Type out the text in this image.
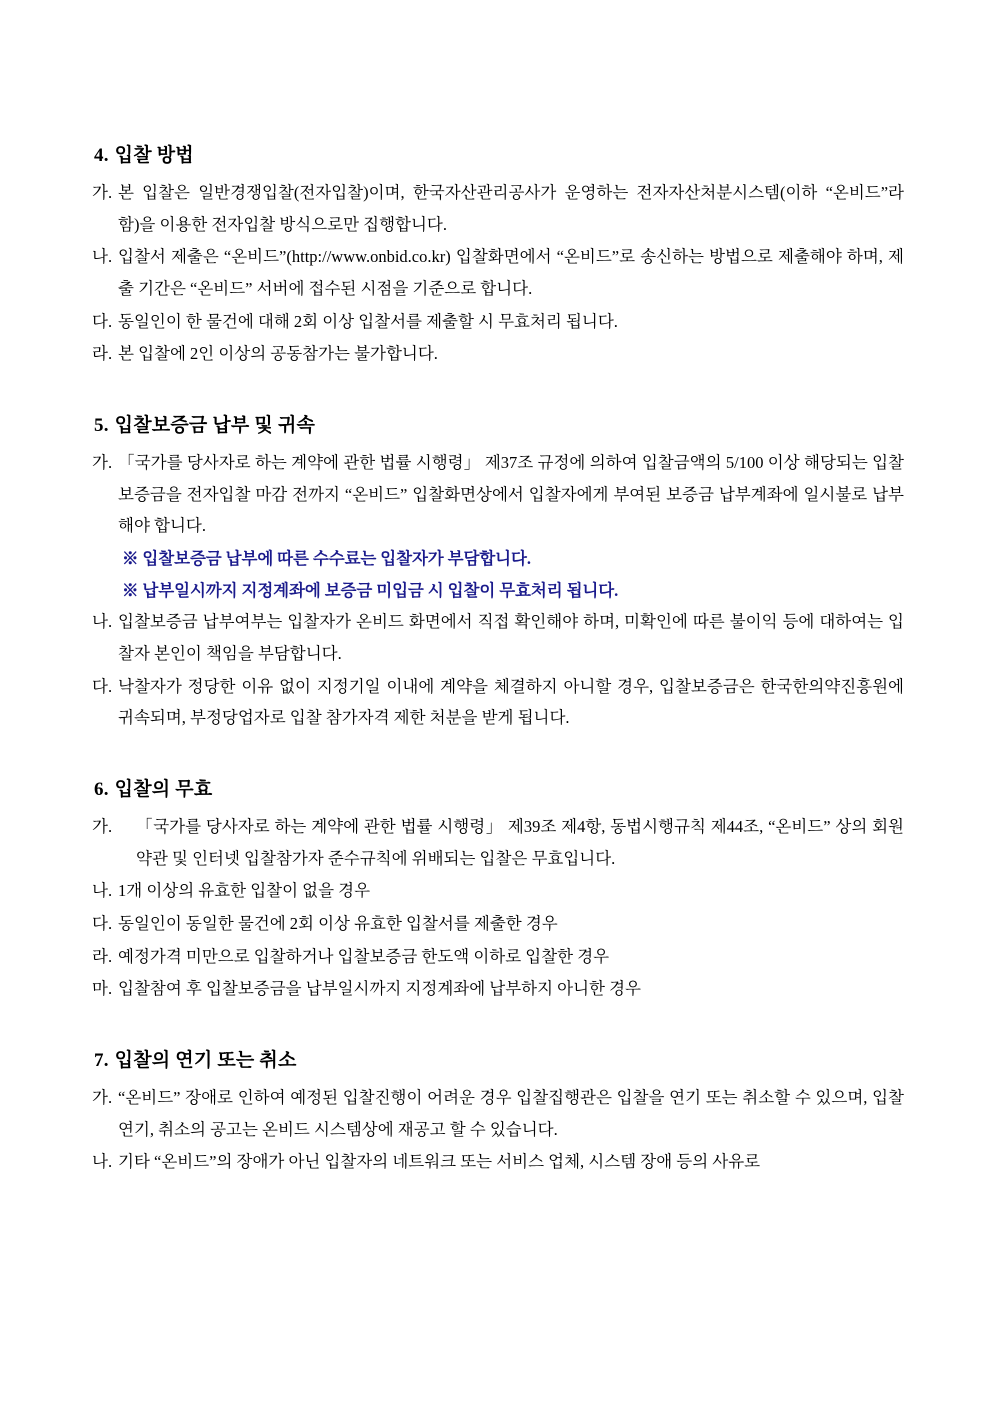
4. 입찰 방법
가. 본 입찰은 일반경쟁입찰(전자입찰)이며, 한국자산관리공사가 운영하는 전자자산처분시스템(이하 “온비드”라 함)을 이용한 전자입찰 방식으로만 집행합니다.
나. 입찰서 제출은 “온비드”(http://www.onbid.co.kr) 입찰화면에서 “온비드”로 송신하는 방법으로 제출해야 하며, 제출 기간은 “온비드” 서버에 접수된 시점을 기준으로 합니다.
다. 동일인이 한 물건에 대해 2회 이상 입찰서를 제출할 시 무효처리 됩니다.
라. 본 입찰에 2인 이상의 공동참가는 불가합니다.
5. 입찰보증금 납부 및 귀속
가. 「국가를 당사자로 하는 계약에 관한 법률 시행령」 제37조 규정에 의하여 입찰금액의 5/100 이상 해당되는 입찰보증금을 전자입찰 마감 전까지 “온비드” 입찰화면상에서 입찰자에게 부여된 보증금 납부계좌에 일시불로 납부해야 합니다.
※ 입찰보증금 납부에 따른 수수료는 입찰자가 부담합니다.
※ 납부일시까지 지정계좌에 보증금 미입금 시 입찰이 무효처리 됩니다.
나. 입찰보증금 납부여부는 입찰자가 온비드 화면에서 직접 확인해야 하며, 미확인에 따른 불이익 등에 대하여는 입찰자 본인이 책임을 부담합니다.
다. 낙찰자가 정당한 이유 없이 지정기일 이내에 계약을 체결하지 아니할 경우, 입찰보증금은 한국한의약진흥원에 귀속되며, 부정당업자로 입찰 참가자격 제한 처분을 받게 됩니다.
6. 입찰의 무효
가.	「국가를 당사자로 하는 계약에 관한 법률 시행령」 제39조 제4항, 동법시행규칙 제44조, “온비드” 상의 회원약관 및 인터넷 입찰참가자 준수규칙에 위배되는 입찰은 무효입니다.
나. 1개 이상의 유효한 입찰이 없을 경우
다. 동일인이 동일한 물건에 2회 이상 유효한 입찰서를 제출한 경우
라. 예정가격 미만으로 입찰하거나 입찰보증금 한도액 이하로 입찰한 경우
마. 입찰참여 후 입찰보증금을 납부일시까지 지정계좌에 납부하지 아니한 경우
7. 입찰의 연기 또는 취소
가. “온비드” 장애로 인하여 예정된 입찰진행이 어려운 경우 입찰집행관은 입찰을 연기 또는 취소할 수 있으며, 입찰 연기, 취소의 공고는 온비드 시스템상에 재공고 할 수 있습니다.
나. 기타 “온비드”의 장애가 아닌 입찰자의 네트워크 또는 서비스 업체, 시스템 장애 등의 사유로
